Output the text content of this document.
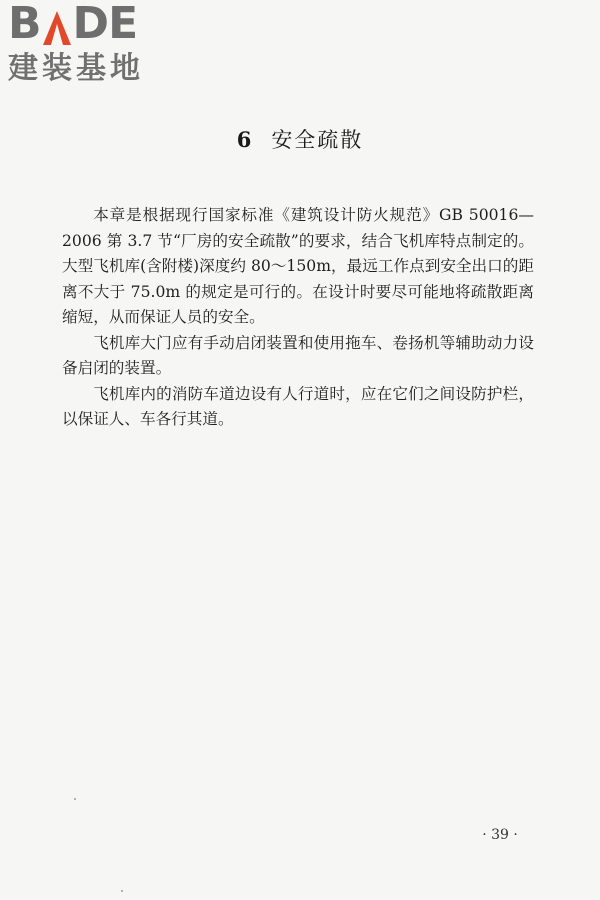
B DE
建装基地
6 安全疏散

本章是根据现行国家标准《建筑设计防火规范》GB 50016—2006 第 3.7 节“厂房的安全疏散”的要求，结合飞机库特点制定的。大型飞机库(含附楼)深度约 80～150m，最远工作点到安全出口的距离不大于 75.0m 的规定是可行的。在设计时要尽可能地将疏散距离缩短，从而保证人员的安全。

飞机库大门应有手动启闭装置和使用拖车、卷扬机等辅助动力设备启闭的装置。

飞机库内的消防车道边设有人行道时，应在它们之间设防护栏，以保证人、车各行其道。

· 39 ·
